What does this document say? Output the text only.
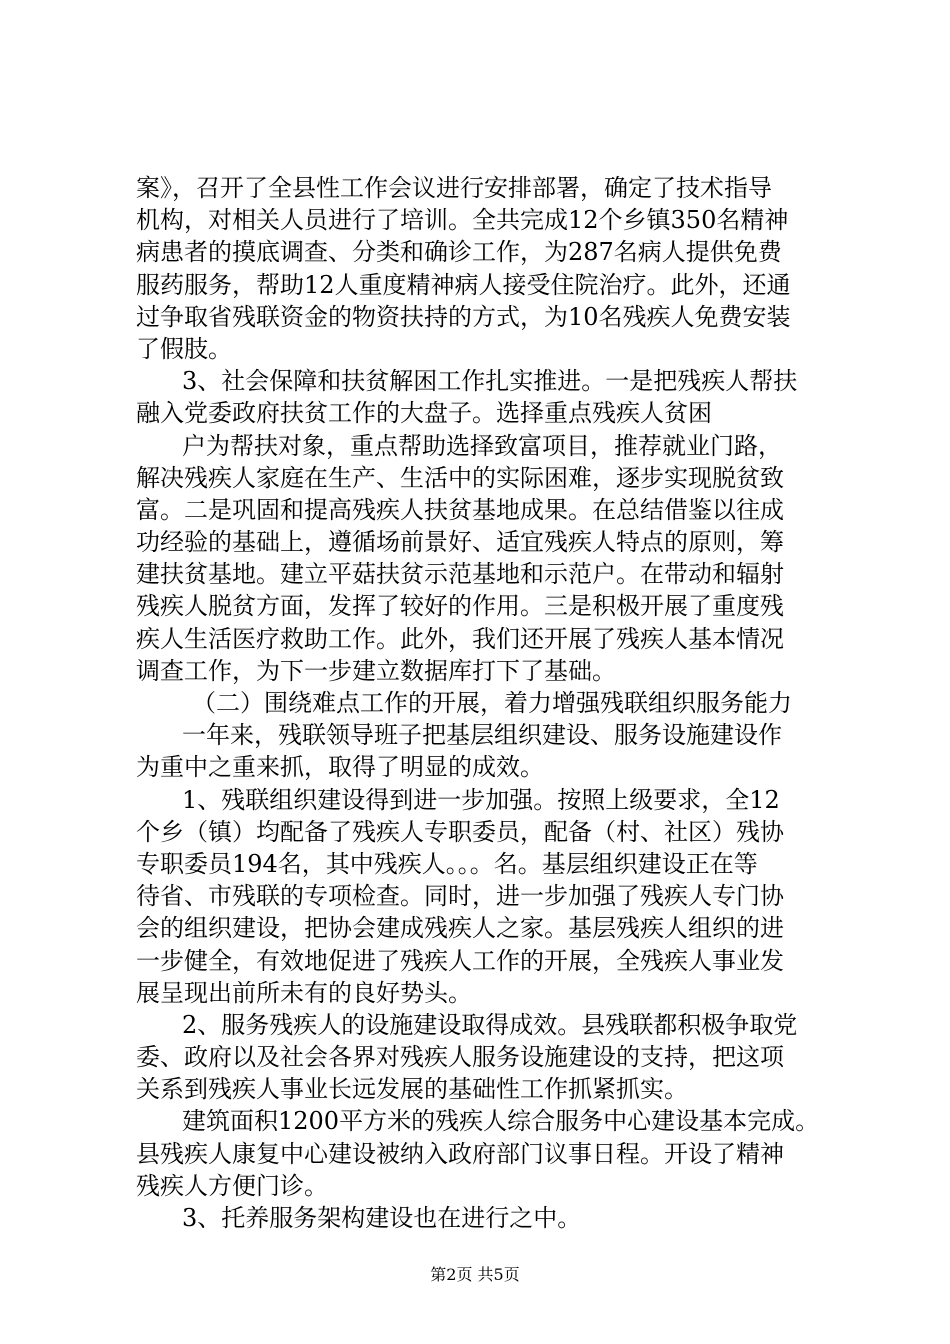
案》，召开了全县性工作会议进行安排部署，确定了技术指导
机构，对相关人员进行了培训。全共完成12个乡镇350名精神
病患者的摸底调查、分类和确诊工作，为287名病人提供免费
服药服务，帮助12人重度精神病人接受住院治疗。此外，还通
过争取省残联资金的物资扶持的方式，为10名残疾人免费安装
了假肢。
3、社会保障和扶贫解困工作扎实推进。一是把残疾人帮扶
融入党委政府扶贫工作的大盘子。选择重点残疾人贫困
户为帮扶对象，重点帮助选择致富项目，推荐就业门路，
解决残疾人家庭在生产、生活中的实际困难，逐步实现脱贫致
富。二是巩固和提高残疾人扶贫基地成果。在总结借鉴以往成
功经验的基础上，遵循场前景好、适宜残疾人特点的原则，筹
建扶贫基地。建立平菇扶贫示范基地和示范户。在带动和辐射
残疾人脱贫方面，发挥了较好的作用。三是积极开展了重度残
疾人生活医疗救助工作。此外，我们还开展了残疾人基本情况
调查工作，为下一步建立数据库打下了基础。
（二）围绕难点工作的开展，着力增强残联组织服务能力
一年来，残联领导班子把基层组织建设、服务设施建设作
为重中之重来抓，取得了明显的成效。
1、残联组织建设得到进一步加强。按照上级要求，全12
个乡（镇）均配备了残疾人专职委员，配备（村、社区）残协
专职委员194名，其中残疾人。。。名。基层组织建设正在等
待省、市残联的专项检查。同时，进一步加强了残疾人专门协
会的组织建设，把协会建成残疾人之家。基层残疾人组织的进
一步健全，有效地促进了残疾人工作的开展，全残疾人事业发
展呈现出前所未有的良好势头。
2、服务残疾人的设施建设取得成效。县残联都积极争取党
委、政府以及社会各界对残疾人服务设施建设的支持，把这项
关系到残疾人事业长远发展的基础性工作抓紧抓实。
建筑面积1200平方米的残疾人综合服务中心建设基本完成。
县残疾人康复中心建设被纳入政府部门议事日程。开设了精神
残疾人方便门诊。
3、托养服务架构建设也在进行之中。
第2页 共5页
